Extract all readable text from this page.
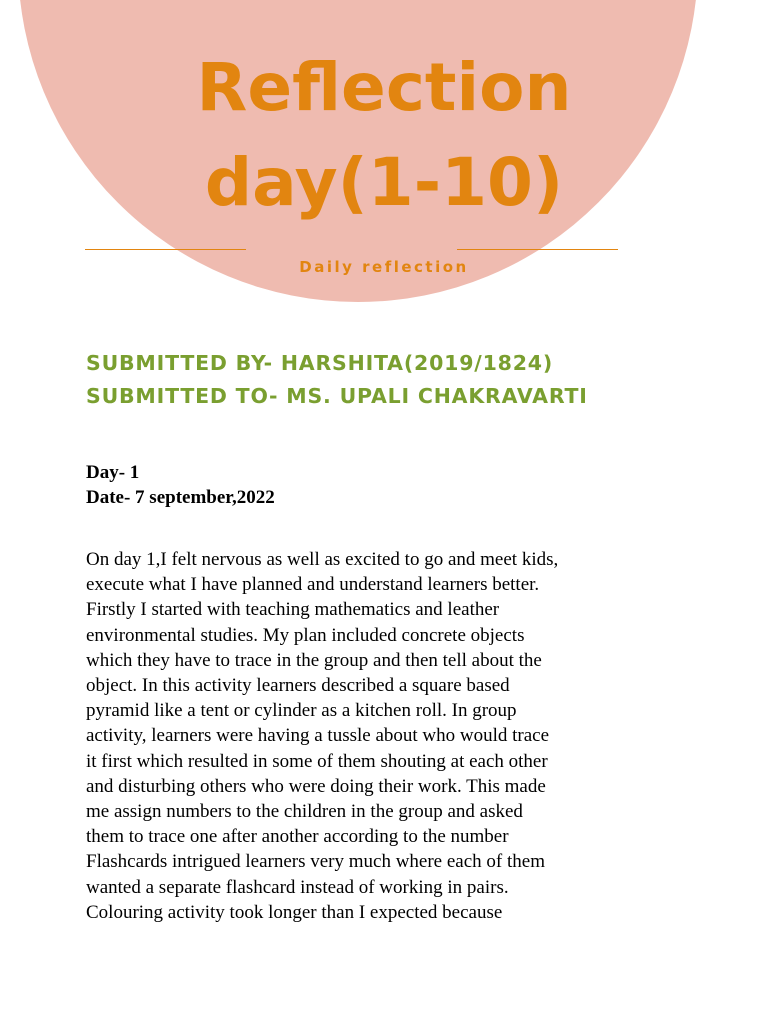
Reflection
day(1-10)
Daily reflection

SUBMITTED BY- HARSHITA(2019/1824)

SUBMITTED TO- MS. UPALI CHAKRAVARTI

Day- 1

Date- 7 september,2022

On day 1,I felt nervous as well as excited to go and meet kids,
execute what I have planned and understand learners better.
Firstly I started with teaching mathematics and leather
environmental studies. My plan included concrete objects
which they have to trace in the group and then tell about the
object. In this activity learners described a square based
pyramid like a tent or cylinder as a kitchen roll. In group
activity, learners were having a tussle about who would trace
it first which resulted in some of them shouting at each other
and disturbing others who were doing their work. This made
me assign numbers to the children in the group and asked
them to trace one after another according to the number
Flashcards intrigued learners very much where each of them
wanted a separate flashcard instead of working in pairs.
Colouring activity took longer than I expected because
